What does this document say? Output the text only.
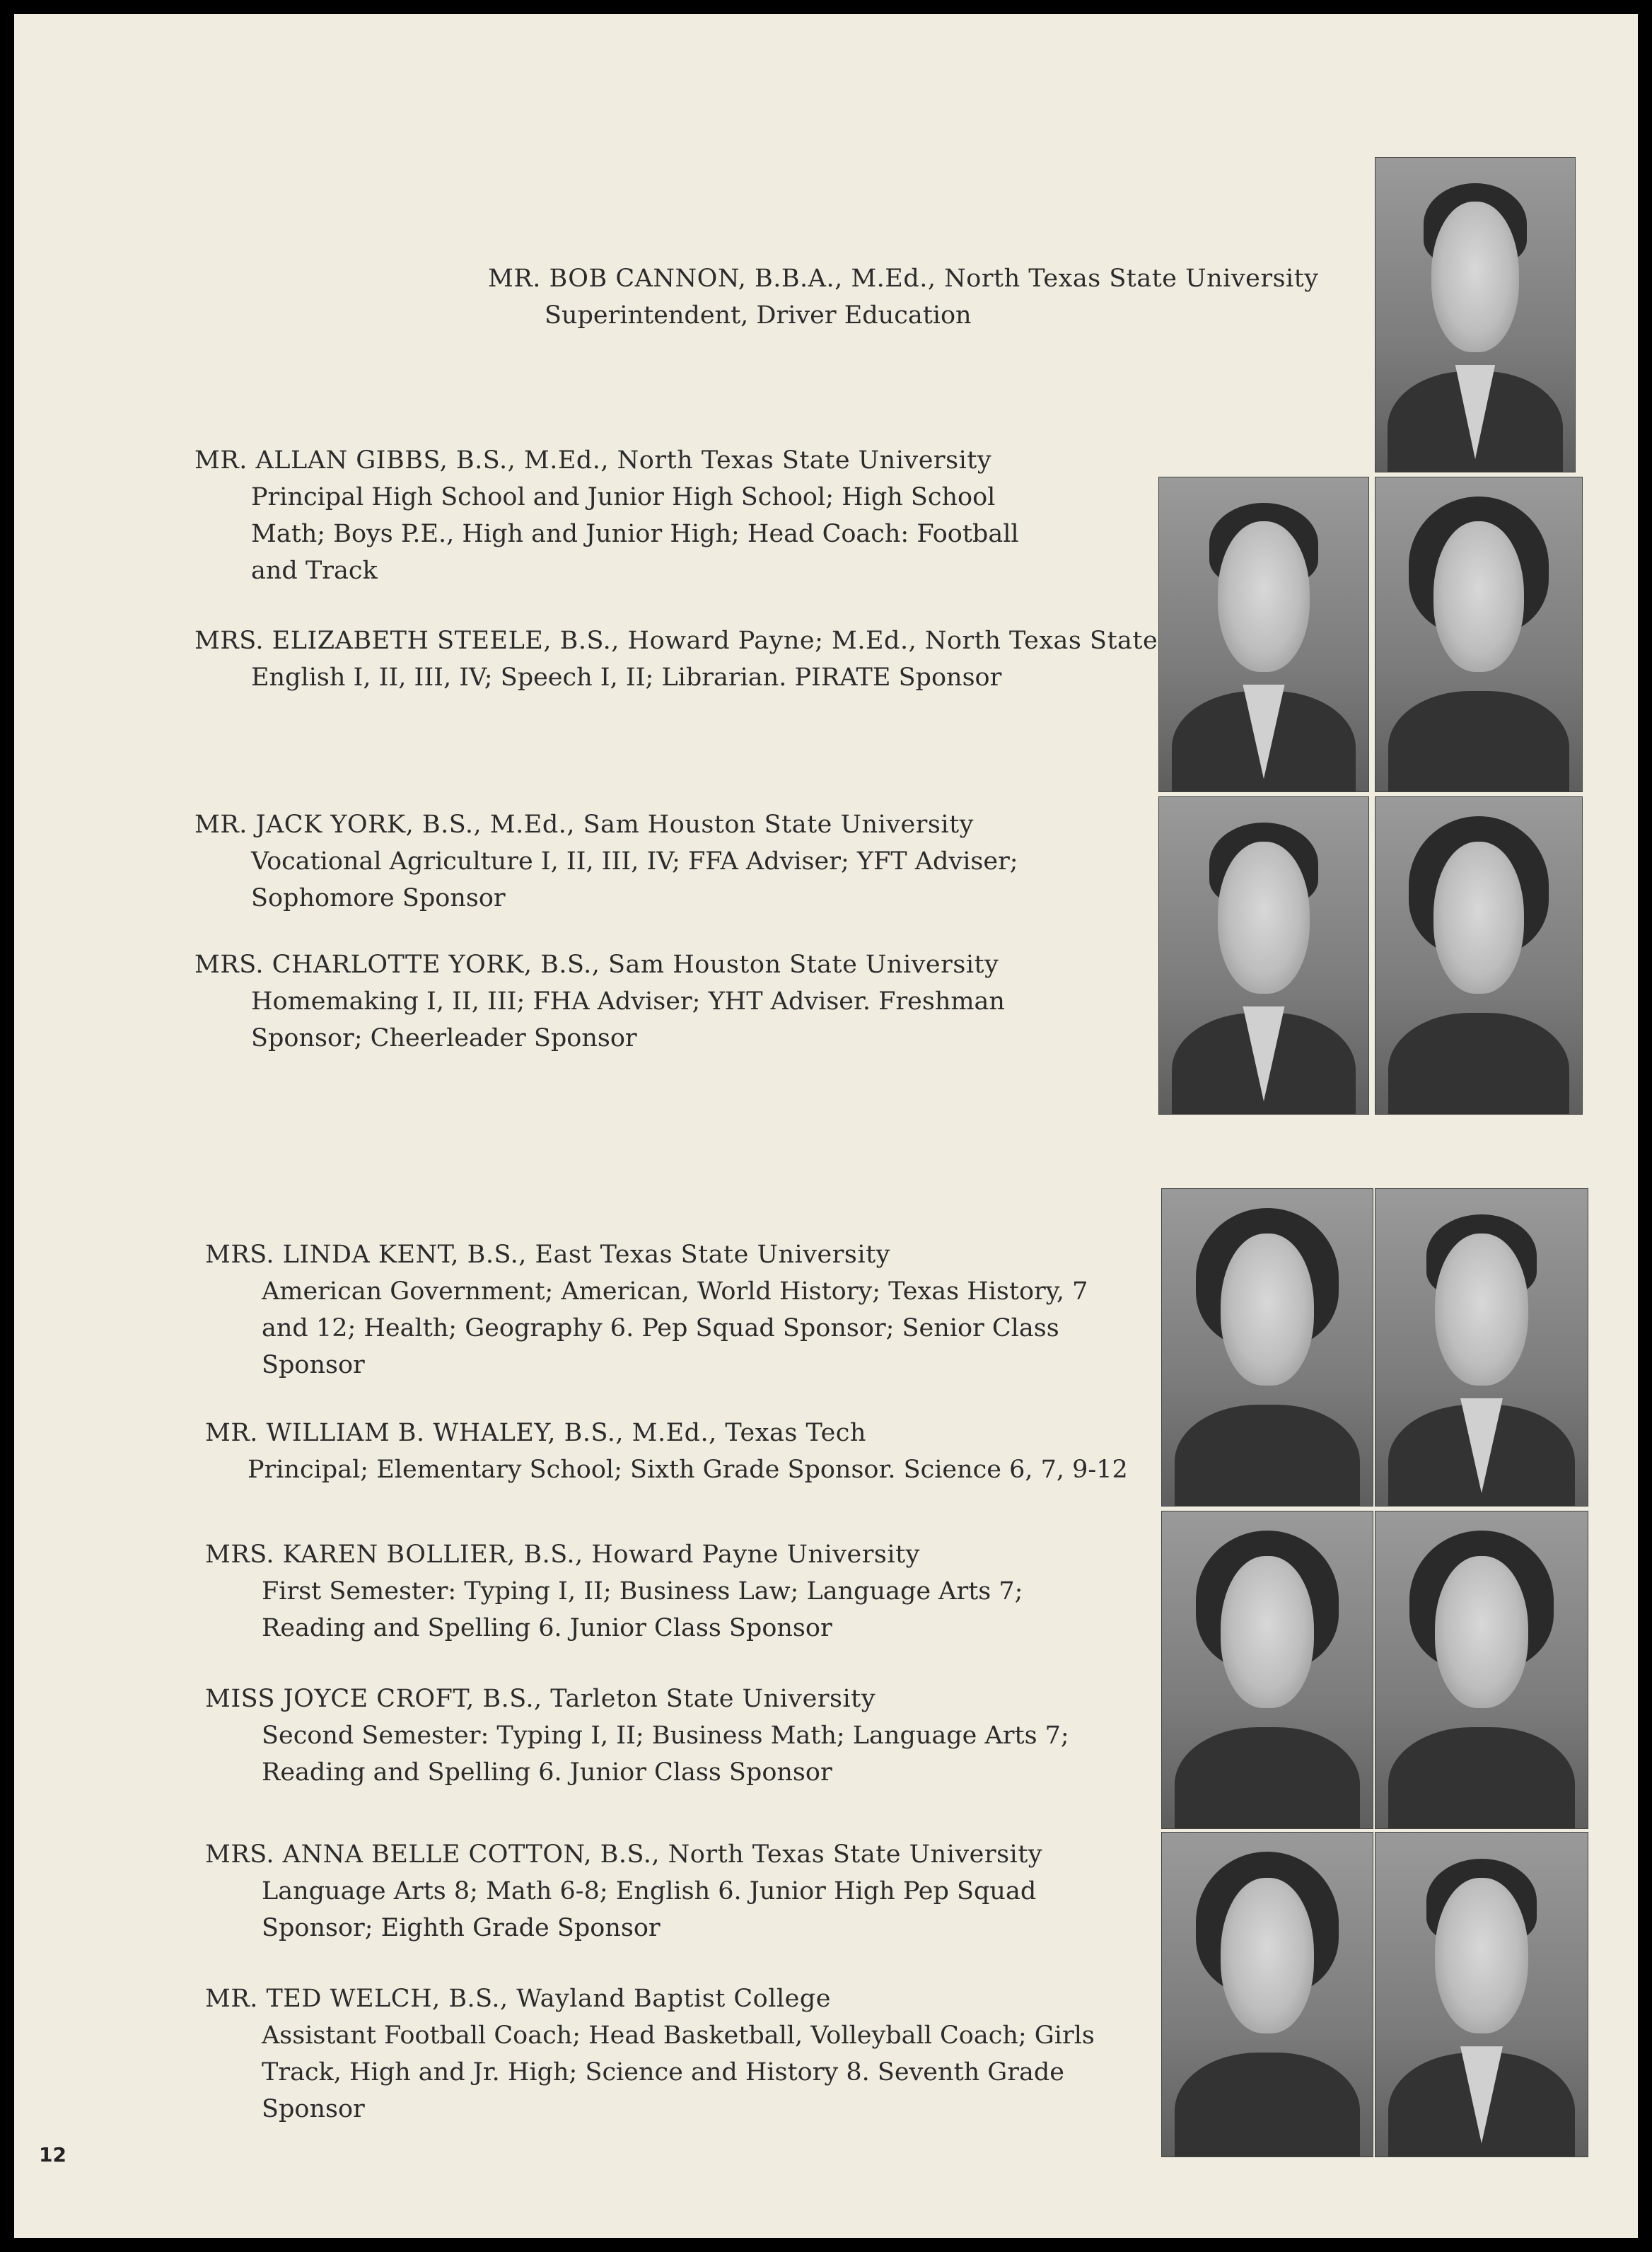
MR. BOB CANNON, B.B.A., M.Ed., North Texas State University
Superintendent, Driver Education
MR. ALLAN GIBBS, B.S., M.Ed., North Texas State University
Principal High School and Junior High School; High School Math; Boys P.E., High and Junior High; Head Coach: Football and Track
MRS. ELIZABETH STEELE, B.S., Howard Payne; M.Ed., North Texas State
English I, II, III, IV; Speech I, II; Librarian. PIRATE Sponsor
MR. JACK YORK, B.S., M.Ed., Sam Houston State University
Vocational Agriculture I, II, III, IV; FFA Adviser; YFT Adviser; Sophomore Sponsor
MRS. CHARLOTTE YORK, B.S., Sam Houston State University
Homemaking I, II, III; FHA Adviser; YHT Adviser. Freshman Sponsor; Cheerleader Sponsor
MRS. LINDA KENT, B.S., East Texas State University
American Government; American, World History; Texas History, 7 and 12; Health; Geography 6. Pep Squad Sponsor; Senior Class Sponsor
MR. WILLIAM B. WHALEY, B.S., M.Ed., Texas Tech
Principal; Elementary School; Sixth Grade Sponsor. Science 6, 7, 9-12
MRS. KAREN BOLLIER, B.S., Howard Payne University
First Semester: Typing I, II; Business Law; Language Arts 7; Reading and Spelling 6. Junior Class Sponsor
MISS JOYCE CROFT, B.S., Tarleton State University
Second Semester: Typing I, II; Business Math; Language Arts 7; Reading and Spelling 6. Junior Class Sponsor
MRS. ANNA BELLE COTTON, B.S., North Texas State University
Language Arts 8; Math 6-8; English 6. Junior High Pep Squad Sponsor; Eighth Grade Sponsor
MR. TED WELCH, B.S., Wayland Baptist College
Assistant Football Coach; Head Basketball, Volleyball Coach; Girls Track, High and Jr. High; Science and History 8. Seventh Grade Sponsor
12
